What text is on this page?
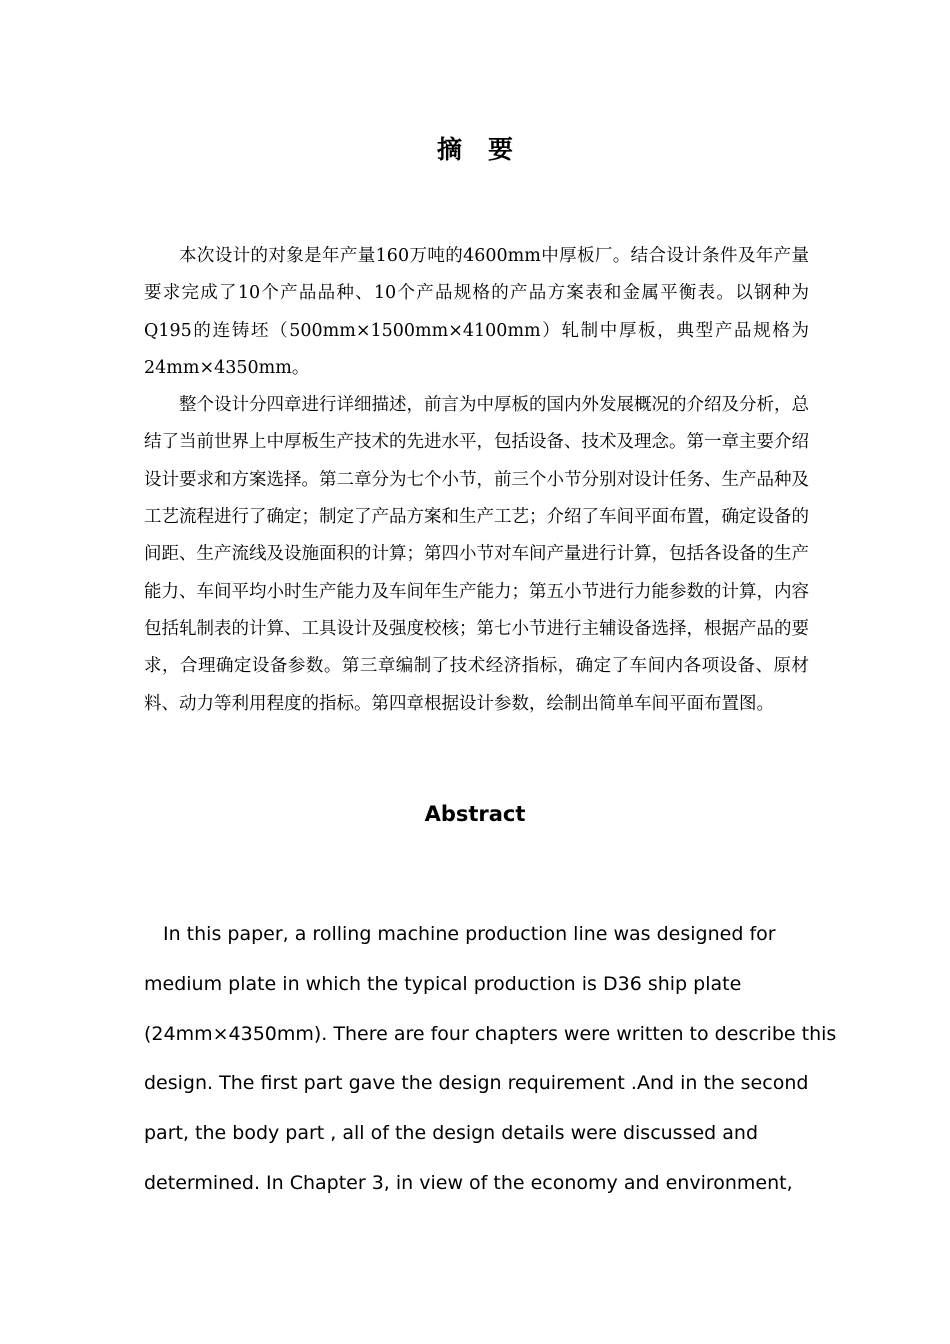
摘要

本次设计的对象是年产量160万吨的4600mm中厚板厂。结合设计条件及年产量要求完成了10个产品品种、10个产品规格的产品方案表和金属平衡表。以钢种为Q195的连铸坯（500mm×1500mm×4100mm）轧制中厚板，典型产品规格为24mm×4350mm。

整个设计分四章进行详细描述，前言为中厚板的国内外发展概况的介绍及分析，总结了当前世界上中厚板生产技术的先进水平，包括设备、技术及理念。第一章主要介绍设计要求和方案选择。第二章分为七个小节，前三个小节分别对设计任务、生产品种及工艺流程进行了确定；制定了产品方案和生产工艺；介绍了车间平面布置，确定设备的间距、生产流线及设施面积的计算；第四小节对车间产量进行计算，包括各设备的生产能力、车间平均小时生产能力及车间年生产能力；第五小节进行力能参数的计算，内容包括轧制表的计算、工具设计及强度校核；第七小节进行主辅设备选择，根据产品的要求，合理确定设备参数。第三章编制了技术经济指标，确定了车间内各项设备、原材料、动力等利用程度的指标。第四章根据设计参数，绘制出简单车间平面布置图。

Abstract
In this paper, a rolling machine production line was designed for
medium plate in which the typical production is D36 ship plate
(24mm×4350mm). There are four chapters were written to describe this
design. The first part gave the design requirement .And in the second
part, the body part , all of the design details were discussed and
determined. In Chapter 3, in view of the economy and environment,
